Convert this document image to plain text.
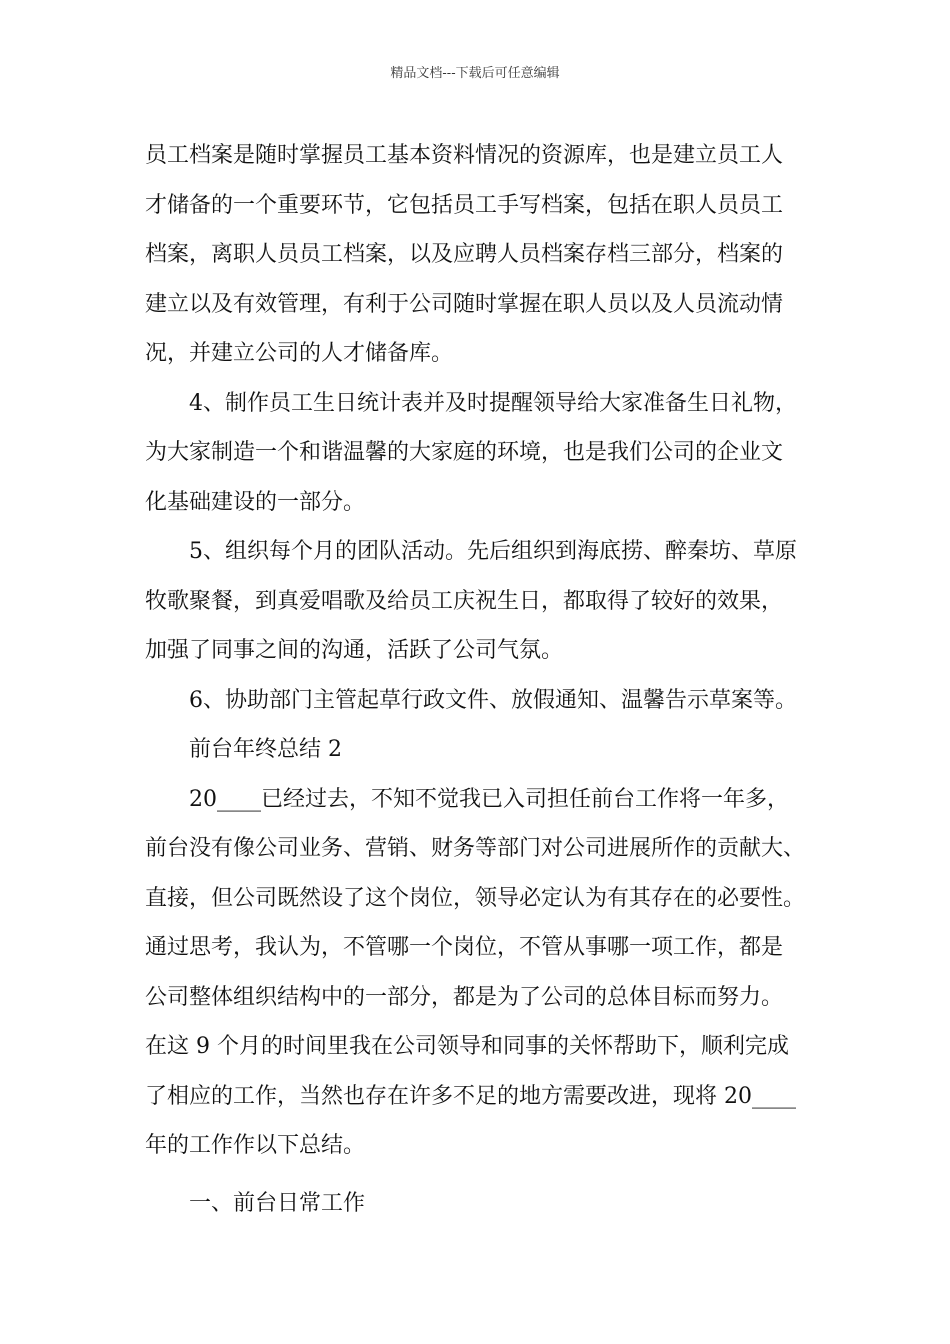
精品文档---下载后可任意编辑
员工档案是随时掌握员工基本资料情况的资源库，也是建立员工人
才储备的一个重要环节，它包括员工手写档案，包括在职人员员工
档案，离职人员员工档案，以及应聘人员档案存档三部分，档案的
建立以及有效管理，有利于公司随时掌握在职人员以及人员流动情
况，并建立公司的人才储备库。
4、制作员工生日统计表并及时提醒领导给大家准备生日礼物，
为大家制造一个和谐温馨的大家庭的环境，也是我们公司的企业文
化基础建设的一部分。
5、组织每个月的团队活动。先后组织到海底捞、醉秦坊、草原
牧歌聚餐，到真爱唱歌及给员工庆祝生日，都取得了较好的效果，
加强了同事之间的沟通，活跃了公司气氛。
6、协助部门主管起草行政文件、放假通知、温馨告示草案等。
前台年终总结 2
20____已经过去，不知不觉我已入司担任前台工作将一年多，
前台没有像公司业务、营销、财务等部门对公司进展所作的贡献大、
直接，但公司既然设了这个岗位，领导必定认为有其存在的必要性。
通过思考，我认为，不管哪一个岗位，不管从事哪一项工作，都是
公司整体组织结构中的一部分，都是为了公司的总体目标而努力。
在这 9 个月的时间里我在公司领导和同事的关怀帮助下，顺利完成
了相应的工作，当然也存在许多不足的地方需要改进，现将 20____
年的工作作以下总结。
一、前台日常工作
